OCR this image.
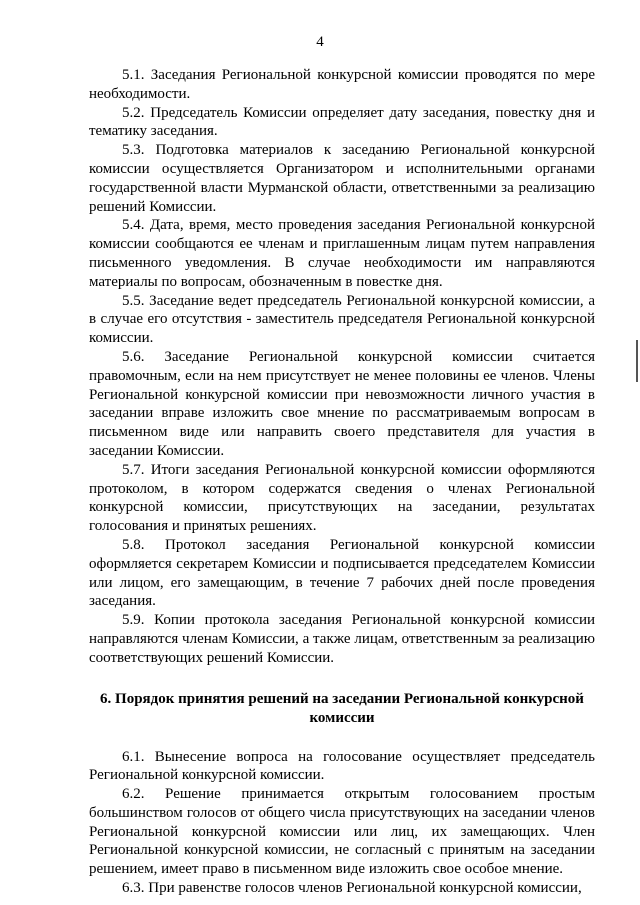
4

5.1. Заседания Региональной конкурсной комиссии проводятся по мере необходимости.

5.2. Председатель Комиссии определяет дату заседания, повестку дня и тематику заседания.

5.3. Подготовка материалов к заседанию Региональной конкурсной комиссии осуществляется Организатором и исполнительными органами государственной власти Мурманской области, ответственными за реализацию решений Комиссии.

5.4. Дата, время, место проведения заседания Региональной конкурсной комиссии сообщаются ее членам и приглашенным лицам путем направления письменного уведомления. В случае необходимости им направляются материалы по вопросам, обозначенным в повестке дня.

5.5. Заседание ведет председатель Региональной конкурсной комиссии, а в случае его отсутствия - заместитель председателя Региональной конкурсной комиссии.

5.6. Заседание Региональной конкурсной комиссии считается правомочным, если на нем присутствует не менее половины ее членов. Члены Региональной конкурсной комиссии при невозможности личного участия в заседании вправе изложить свое мнение по рассматриваемым вопросам в письменном виде или направить своего представителя для участия в заседании Комиссии.

5.7. Итоги заседания Региональной конкурсной комиссии оформляются протоколом, в котором содержатся сведения о членах Региональной конкурсной комиссии, присутствующих на заседании, результатах голосования и принятых решениях.

5.8. Протокол заседания Региональной конкурсной комиссии оформляется секретарем Комиссии и подписывается председателем Комиссии или лицом, его замещающим, в течение 7 рабочих дней после проведения заседания.

5.9. Копии протокола заседания Региональной конкурсной комиссии направляются членам Комиссии, а также лицам, ответственным за реализацию соответствующих решений Комиссии.

6. Порядок принятия решений на заседании Региональной конкурсной комиссии

6.1. Вынесение вопроса на голосование осуществляет председатель Региональной конкурсной комиссии.

6.2. Решение принимается открытым голосованием простым большинством голосов от общего числа присутствующих на заседании членов Региональной конкурсной комиссии или лиц, их замещающих. Член Региональной конкурсной комиссии, не согласный с принятым на заседании решением, имеет право в письменном виде изложить свое особое мнение.

6.3. При равенстве голосов членов Региональной конкурсной комиссии,
